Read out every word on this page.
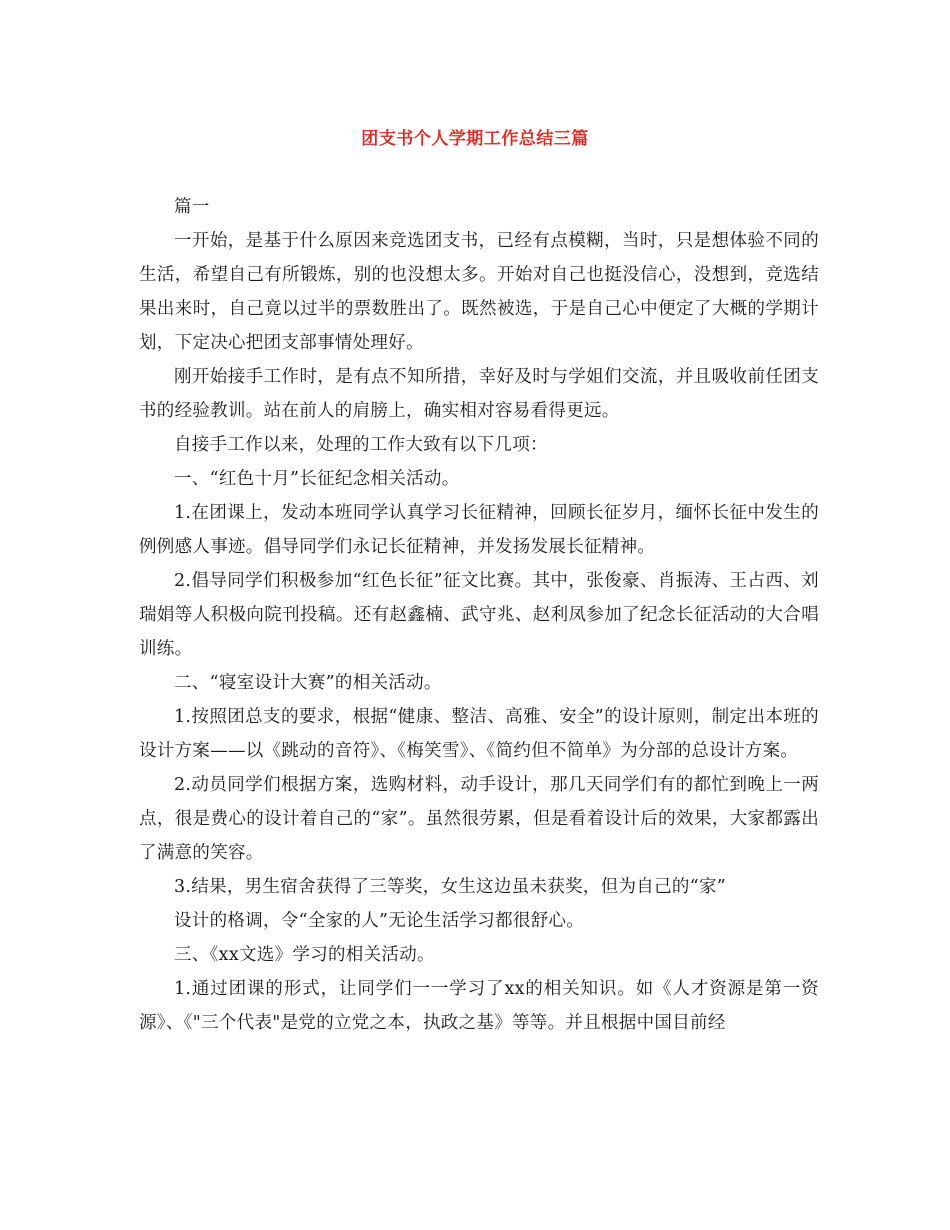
团支书个人学期工作总结三篇

篇一

一开始，是基于什么原因来竞选团支书，已经有点模糊，当时，只是想体验不同的生活，希望自己有所锻炼，别的也没想太多。开始对自己也挺没信心，没想到，竞选结果出来时，自己竟以过半的票数胜出了。既然被选，于是自己心中便定了大概的学期计划，下定决心把团支部事情处理好。

刚开始接手工作时，是有点不知所措，幸好及时与学姐们交流，并且吸收前任团支书的经验教训。站在前人的肩膀上，确实相对容易看得更远。

自接手工作以来，处理的工作大致有以下几项：

一、“红色十月”长征纪念相关活动。

1.在团课上，发动本班同学认真学习长征精神，回顾长征岁月，缅怀长征中发生的例例感人事迹。倡导同学们永记长征精神，并发扬发展长征精神。

2.倡导同学们积极参加“红色长征”征文比赛。其中，张俊豪、肖振涛、王占西、刘瑞娟等人积极向院刊投稿。还有赵鑫楠、武守兆、赵利凤参加了纪念长征活动的大合唱训练。

二、“寝室设计大赛”的相关活动。

1.按照团总支的要求，根据“健康、整洁、高雅、安全”的设计原则，制定出本班的设计方案——以《跳动的音符》、《梅笑雪》、《简约但不简单》为分部的总设计方案。

2.动员同学们根据方案，选购材料，动手设计，那几天同学们有的都忙到晚上一两点，很是费心的设计着自己的“家”。虽然很劳累，但是看着设计后的效果，大家都露出了满意的笑容。

3.结果，男生宿舍获得了三等奖，女生这边虽未获奖，但为自己的“家”

设计的格调，令“全家的人”无论生活学习都很舒心。

三、《xx文选》学习的相关活动。

1.通过团课的形式，让同学们一一学习了xx的相关知识。如《人才资源是第一资源》、《"三个代表"是党的立党之本，执政之基》等等。并且根据中国目前经
